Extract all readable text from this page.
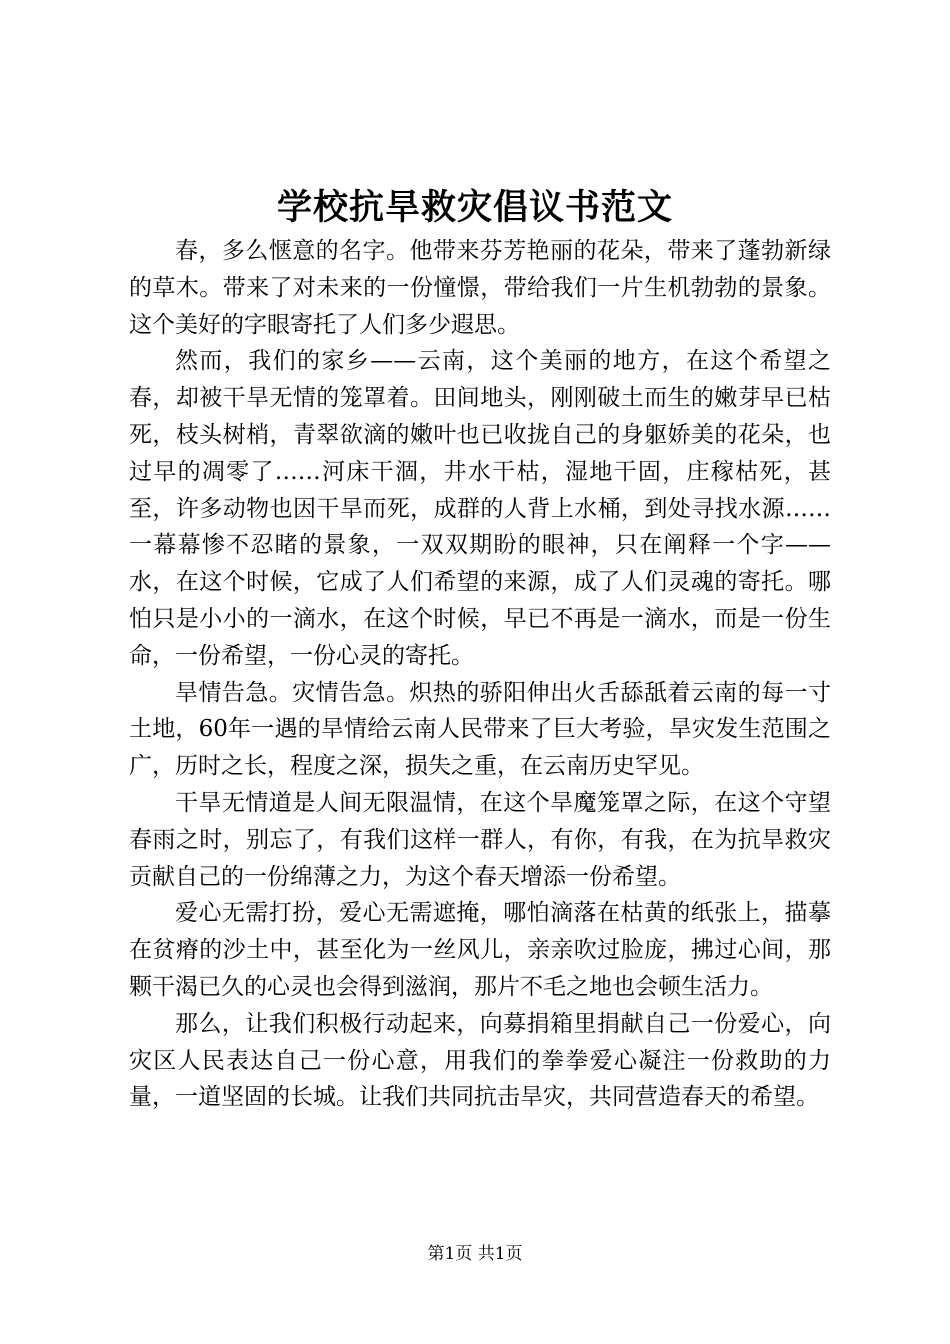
学校抗旱救灾倡议书范文

春，多么惬意的名字。他带来芬芳艳丽的花朵，带来了蓬勃新绿的草木。带来了对未来的一份憧憬，带给我们一片生机勃勃的景象。这个美好的字眼寄托了人们多少遐思。

然而，我们的家乡——云南，这个美丽的地方，在这个希望之春，却被干旱无情的笼罩着。田间地头，刚刚破土而生的嫩芽早已枯死，枝头树梢，青翠欲滴的嫩叶也已收拢自己的身躯娇美的花朵，也过早的凋零了……河床干涸，井水干枯，湿地干固，庄稼枯死，甚至，许多动物也因干旱而死，成群的人背上水桶，到处寻找水源……一幕幕惨不忍睹的景象，一双双期盼的眼神，只在阐释一个字——水，在这个时候，它成了人们希望的来源，成了人们灵魂的寄托。哪怕只是小小的一滴水，在这个时候，早已不再是一滴水，而是一份生命，一份希望，一份心灵的寄托。

旱情告急。灾情告急。炽热的骄阳伸出火舌舔舐着云南的每一寸土地，60年一遇的旱情给云南人民带来了巨大考验，旱灾发生范围之广，历时之长，程度之深，损失之重，在云南历史罕见。

干旱无情道是人间无限温情，在这个旱魔笼罩之际，在这个守望春雨之时，别忘了，有我们这样一群人，有你，有我，在为抗旱救灾贡献自己的一份绵薄之力，为这个春天增添一份希望。

爱心无需打扮，爱心无需遮掩，哪怕滴落在枯黄的纸张上，描摹在贫瘠的沙土中，甚至化为一丝风儿，亲亲吹过脸庞，拂过心间，那颗干渴已久的心灵也会得到滋润，那片不毛之地也会顿生活力。

那么，让我们积极行动起来，向募捐箱里捐献自己一份爱心，向灾区人民表达自己一份心意，用我们的拳拳爱心凝注一份救助的力量，一道坚固的长城。让我们共同抗击旱灾，共同营造春天的希望。

第1页 共1页
